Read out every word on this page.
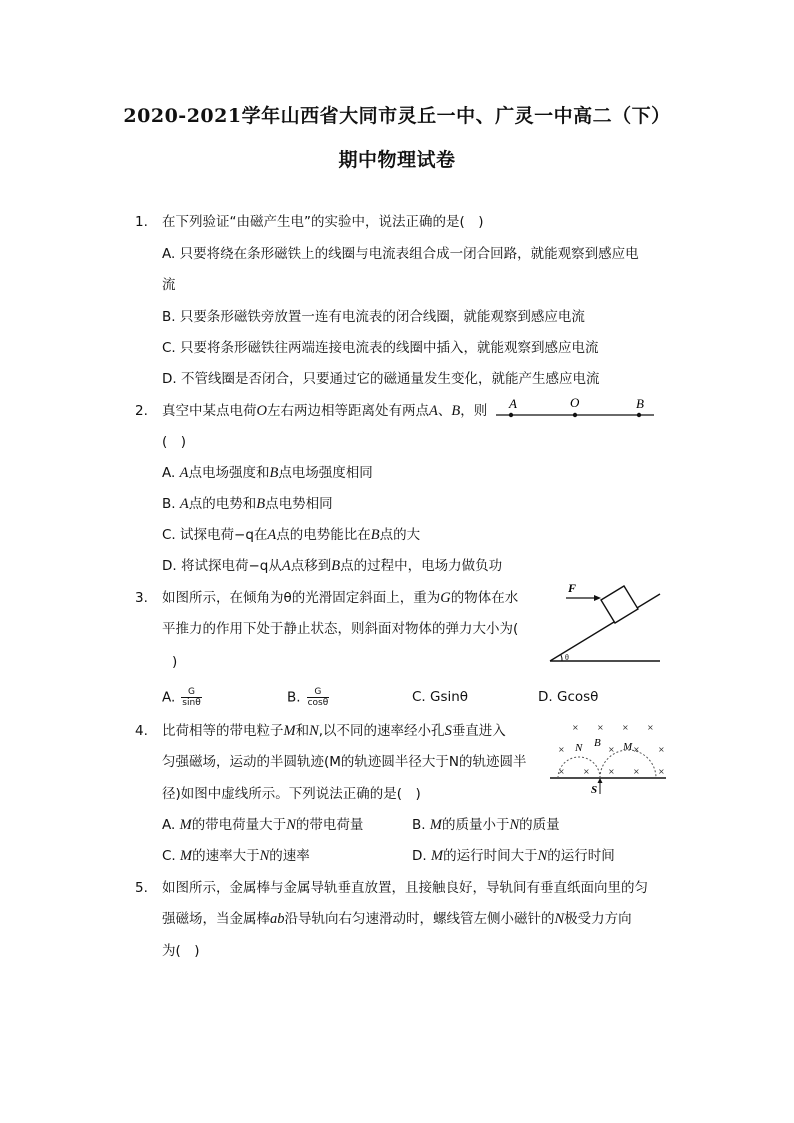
2020-2021学年山西省大同市灵丘一中、广灵一中高二（下）
期中物理试卷
1. 在下列验证“由磁产生电”的实验中，说法正确的是(　)
A. 只要将绕在条形磁铁上的线圈与电流表组合成一闭合回路，就能观察到感应电
流
B. 只要条形磁铁旁放置一连有电流表的闭合线圈，就能观察到感应电流
C. 只要将条形磁铁往两端连接电流表的线圈中插入，就能观察到感应电流
D. 不管线圈是否闭合，只要通过它的磁通量发生变化，就能产生感应电流
2. 真空中某点电荷O左右两边相等距离处有两点A、B，则 A	O	B
(　)
A. A点电场强度和B点电场强度相同
B. A点的电势和B点电势相同
C. 试探电荷−q在A点的电势能比在B点的大
D. 将试探电荷−q从A点移到B点的过程中，电场力做负功
3. 如图所示，在倾角为θ的光滑固定斜面上，重为G的物体在水
平推力的作用下处于静止状态，则斜面对物体的弹力大小为(
)
F
θ
A. $\frac{G}{\sin\theta}$	B. $\frac{G}{\cos\theta}$	C. Gsinθ	D. Gcosθ
4. 比荷相等的带电粒子M和N,以不同的速率经小孔S垂直进入
匀强磁场，运动的半圆轨迹(M的轨迹圆半径大于N的轨迹圆半
径)如图中虚线所示。下列说法正确的是(　)
× × × ×
×	× × ×
× × × × ×
N B M
S
A. M的带电荷量大于N的带电荷量	B. M的质量小于N的质量
C. M的速率大于N的速率	D. M的运行时间大于N的运行时间
5. 如图所示，金属棒与金属导轨垂直放置，且接触良好，导轨间有垂直纸面向里的匀
强磁场，当金属棒ab沿导轨向右匀速滑动时，螺线管左侧小磁针的N极受力方向
为(　)
